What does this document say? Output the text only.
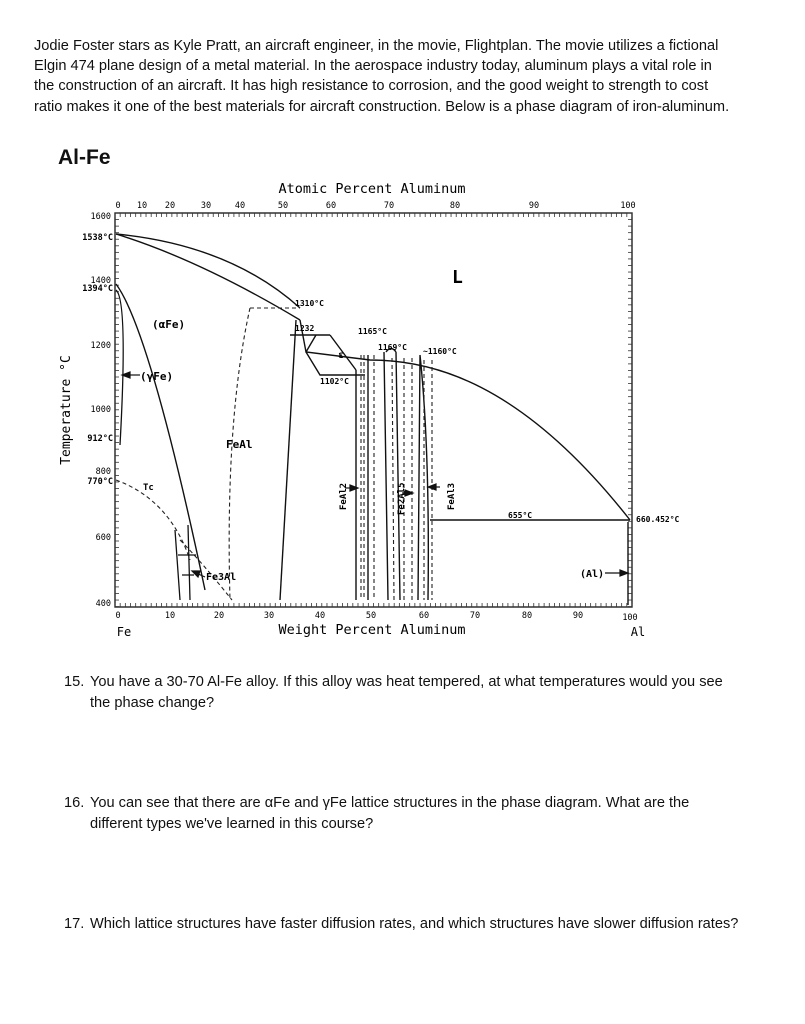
Jodie Foster stars as Kyle Pratt, an aircraft engineer, in the movie, Flightplan. The movie utilizes a fictional Elgin 474 plane design of a metal material. In the aerospace industry today, aluminum plays a vital role in the construction of an aircraft. It has high resistance to corrosion, and the good weight to strength to cost ratio makes it one of the best materials for aircraft construction. Below is a phase diagram of iron-aluminum.

Al-Fe

Atomic Percent Aluminum
Weight Percent Aluminum
Temperature °C
Fe	Al
0 10 20	30	40	50	60	70	80	90	100
0	10	20	30	40	50	60	70	80	90	100
1600
1538°C
1400
1394°C
1200
1000
912°C
800
770°C
600
400
L
(αFe)
(γFe)
FeAl
Fe3Al
FeAl2	Fe2Al5	FeAl3
(Al)
ε
Tc
1310°C
1232	1165°C
1102°C
1169°C ~1160°C
655°C	660.452°C
15. You have a 30-70 Al-Fe alloy. If this alloy was heat tempered, at what temperatures would you see the phase change?
16. You can see that there are αFe and γFe lattice structures in the phase diagram. What are the different types we've learned in this course?
17. Which lattice structures have faster diffusion rates, and which structures have slower diffusion rates?
